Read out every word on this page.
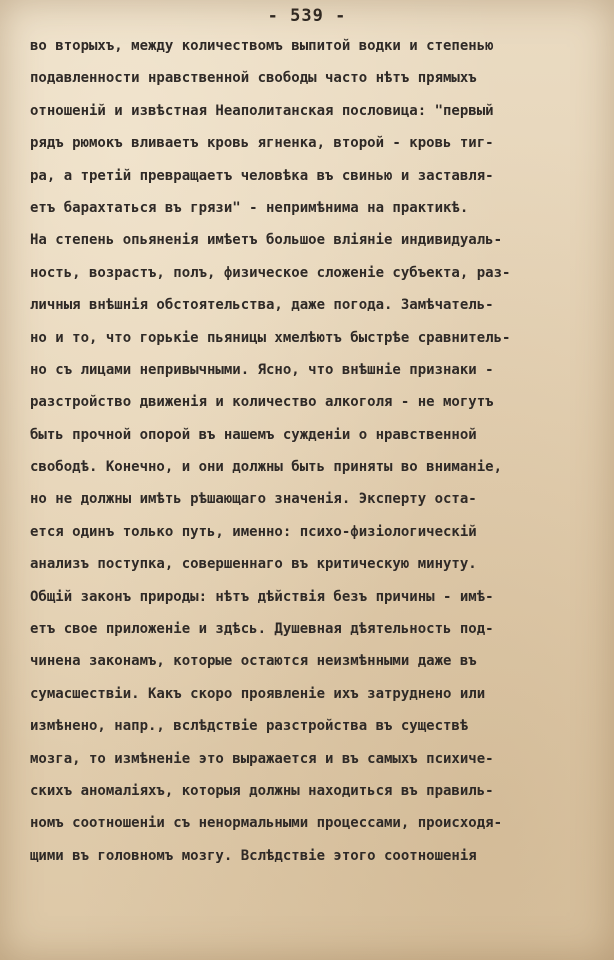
- 539 -
во вторыхъ, между количествомъ выпитой водки и степенью
подавленности нравственной свободы часто нѣтъ прямыхъ
отношенiй и извѣстная Неаполитанская пословица: "первый
рядъ рюмокъ вливаетъ кровь ягненка, второй - кровь тиг-
ра, а третiй превращаетъ человѣка въ свинью и заставля-
етъ барахтаться въ грязи" - непримѣнима на практикѣ.
На степень опьяненiя имѣетъ большое влiянiе индивидуаль-
ность, возрастъ, полъ, физическое сложенiе субъекта, раз-
личныя внѣшнiя обстоятельства, даже погода. Замѣчатель-
но и то, что горькiе пьяницы хмелѣютъ быстрѣе сравнитель-
но съ лицами непривычными. Ясно, что внѣшнiе признаки -
разстройство движенiя и количество алкоголя - не могутъ
быть прочной опорой въ нашемъ сужденiи о нравственной
свободѣ. Конечно, и они должны быть приняты во вниманiе,
но не должны имѣть рѣшающаго значенiя. Эксперту оста-
ется одинъ только путь, именно: психо-физiологическiй
анализъ поступка, совершеннаго въ критическую минуту.
Общiй законъ природы: нѣтъ дѣйствiя безъ причины - имѣ-
етъ свое приложенiе и здѣсь. Душевная дѣятельность под-
чинена законамъ, которые остаются неизмѣнными даже въ
сумасшествiи. Какъ скоро проявленiе ихъ затруднено или
измѣнено, напр., вслѣдствiе разстройства въ существѣ
мозга, то измѣненiе это выражается и въ самыхъ психиче-
скихъ аномалiяхъ, которыя должны находиться въ правиль-
номъ соотношенiи съ ненормальными процессами, происходя-
щими въ головномъ мозгу. Вслѣдствiе этого соотношенiя
